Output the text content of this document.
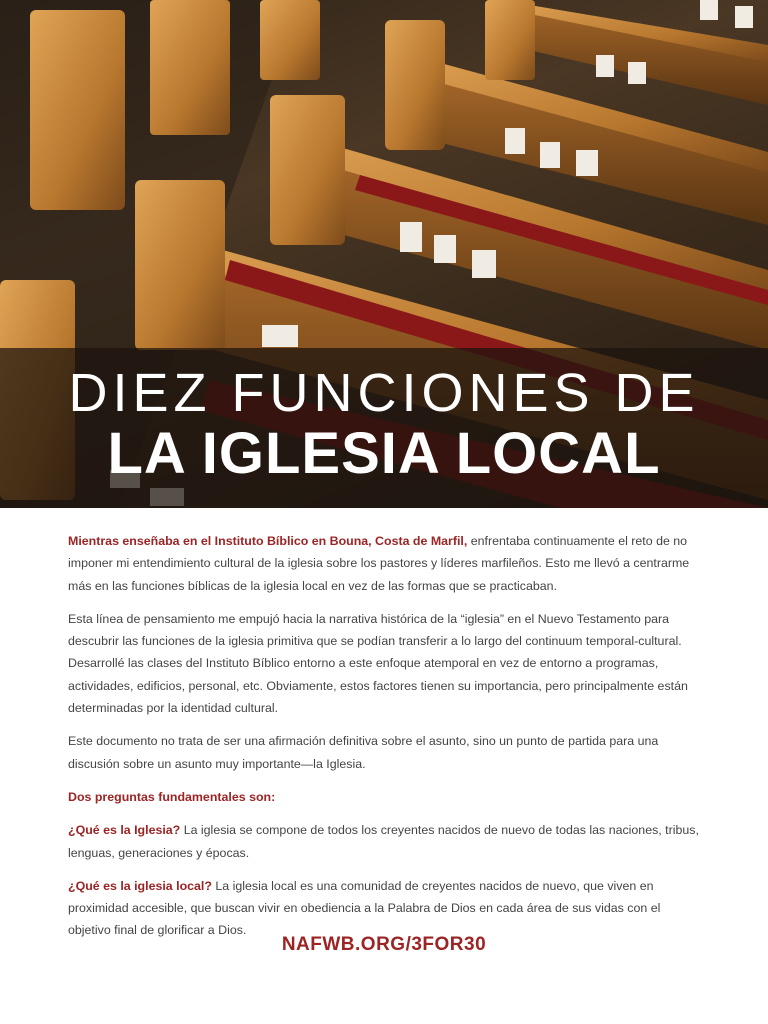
DIEZ FUNCIONES DE
LA IGLESIA LOCAL

Mientras enseñaba en el Instituto Bíblico en Bouna, Costa de Marfil, enfrentaba continuamente el reto de no imponer mi entendimiento cultural de la iglesia sobre los pastores y líderes marfileños. Esto me llevó a centrarme más en las funciones bíblicas de la iglesia local en vez de las formas que se practicaban.

Esta línea de pensamiento me empujó hacia la narrativa histórica de la “iglesia” en el Nuevo Testamento para descubrir las funciones de la iglesia primitiva que se podían transferir a lo largo del continuum temporal-cultural. Desarrollé las clases del Instituto Bíblico entorno a este enfoque atemporal en vez de entorno a programas, actividades, edificios, personal, etc. Obviamente, estos factores tienen su importancia, pero principalmente están determinadas por la identidad cultural.

Este documento no trata de ser una afirmación definitiva sobre el asunto, sino un punto de partida para una discusión sobre un asunto muy importante—la Iglesia.

Dos preguntas fundamentales son:

¿Qué es la Iglesia? La iglesia se compone de todos los creyentes nacidos de nuevo de todas las naciones, tribus, lenguas, generaciones y épocas.

¿Qué es la iglesia local? La iglesia local es una comunidad de creyentes nacidos de nuevo, que viven en proximidad accesible, que buscan vivir en obediencia a la Palabra de Dios en cada área de sus vidas con el objetivo final de glorificar a Dios.

NAFWB.ORG/3FOR30
